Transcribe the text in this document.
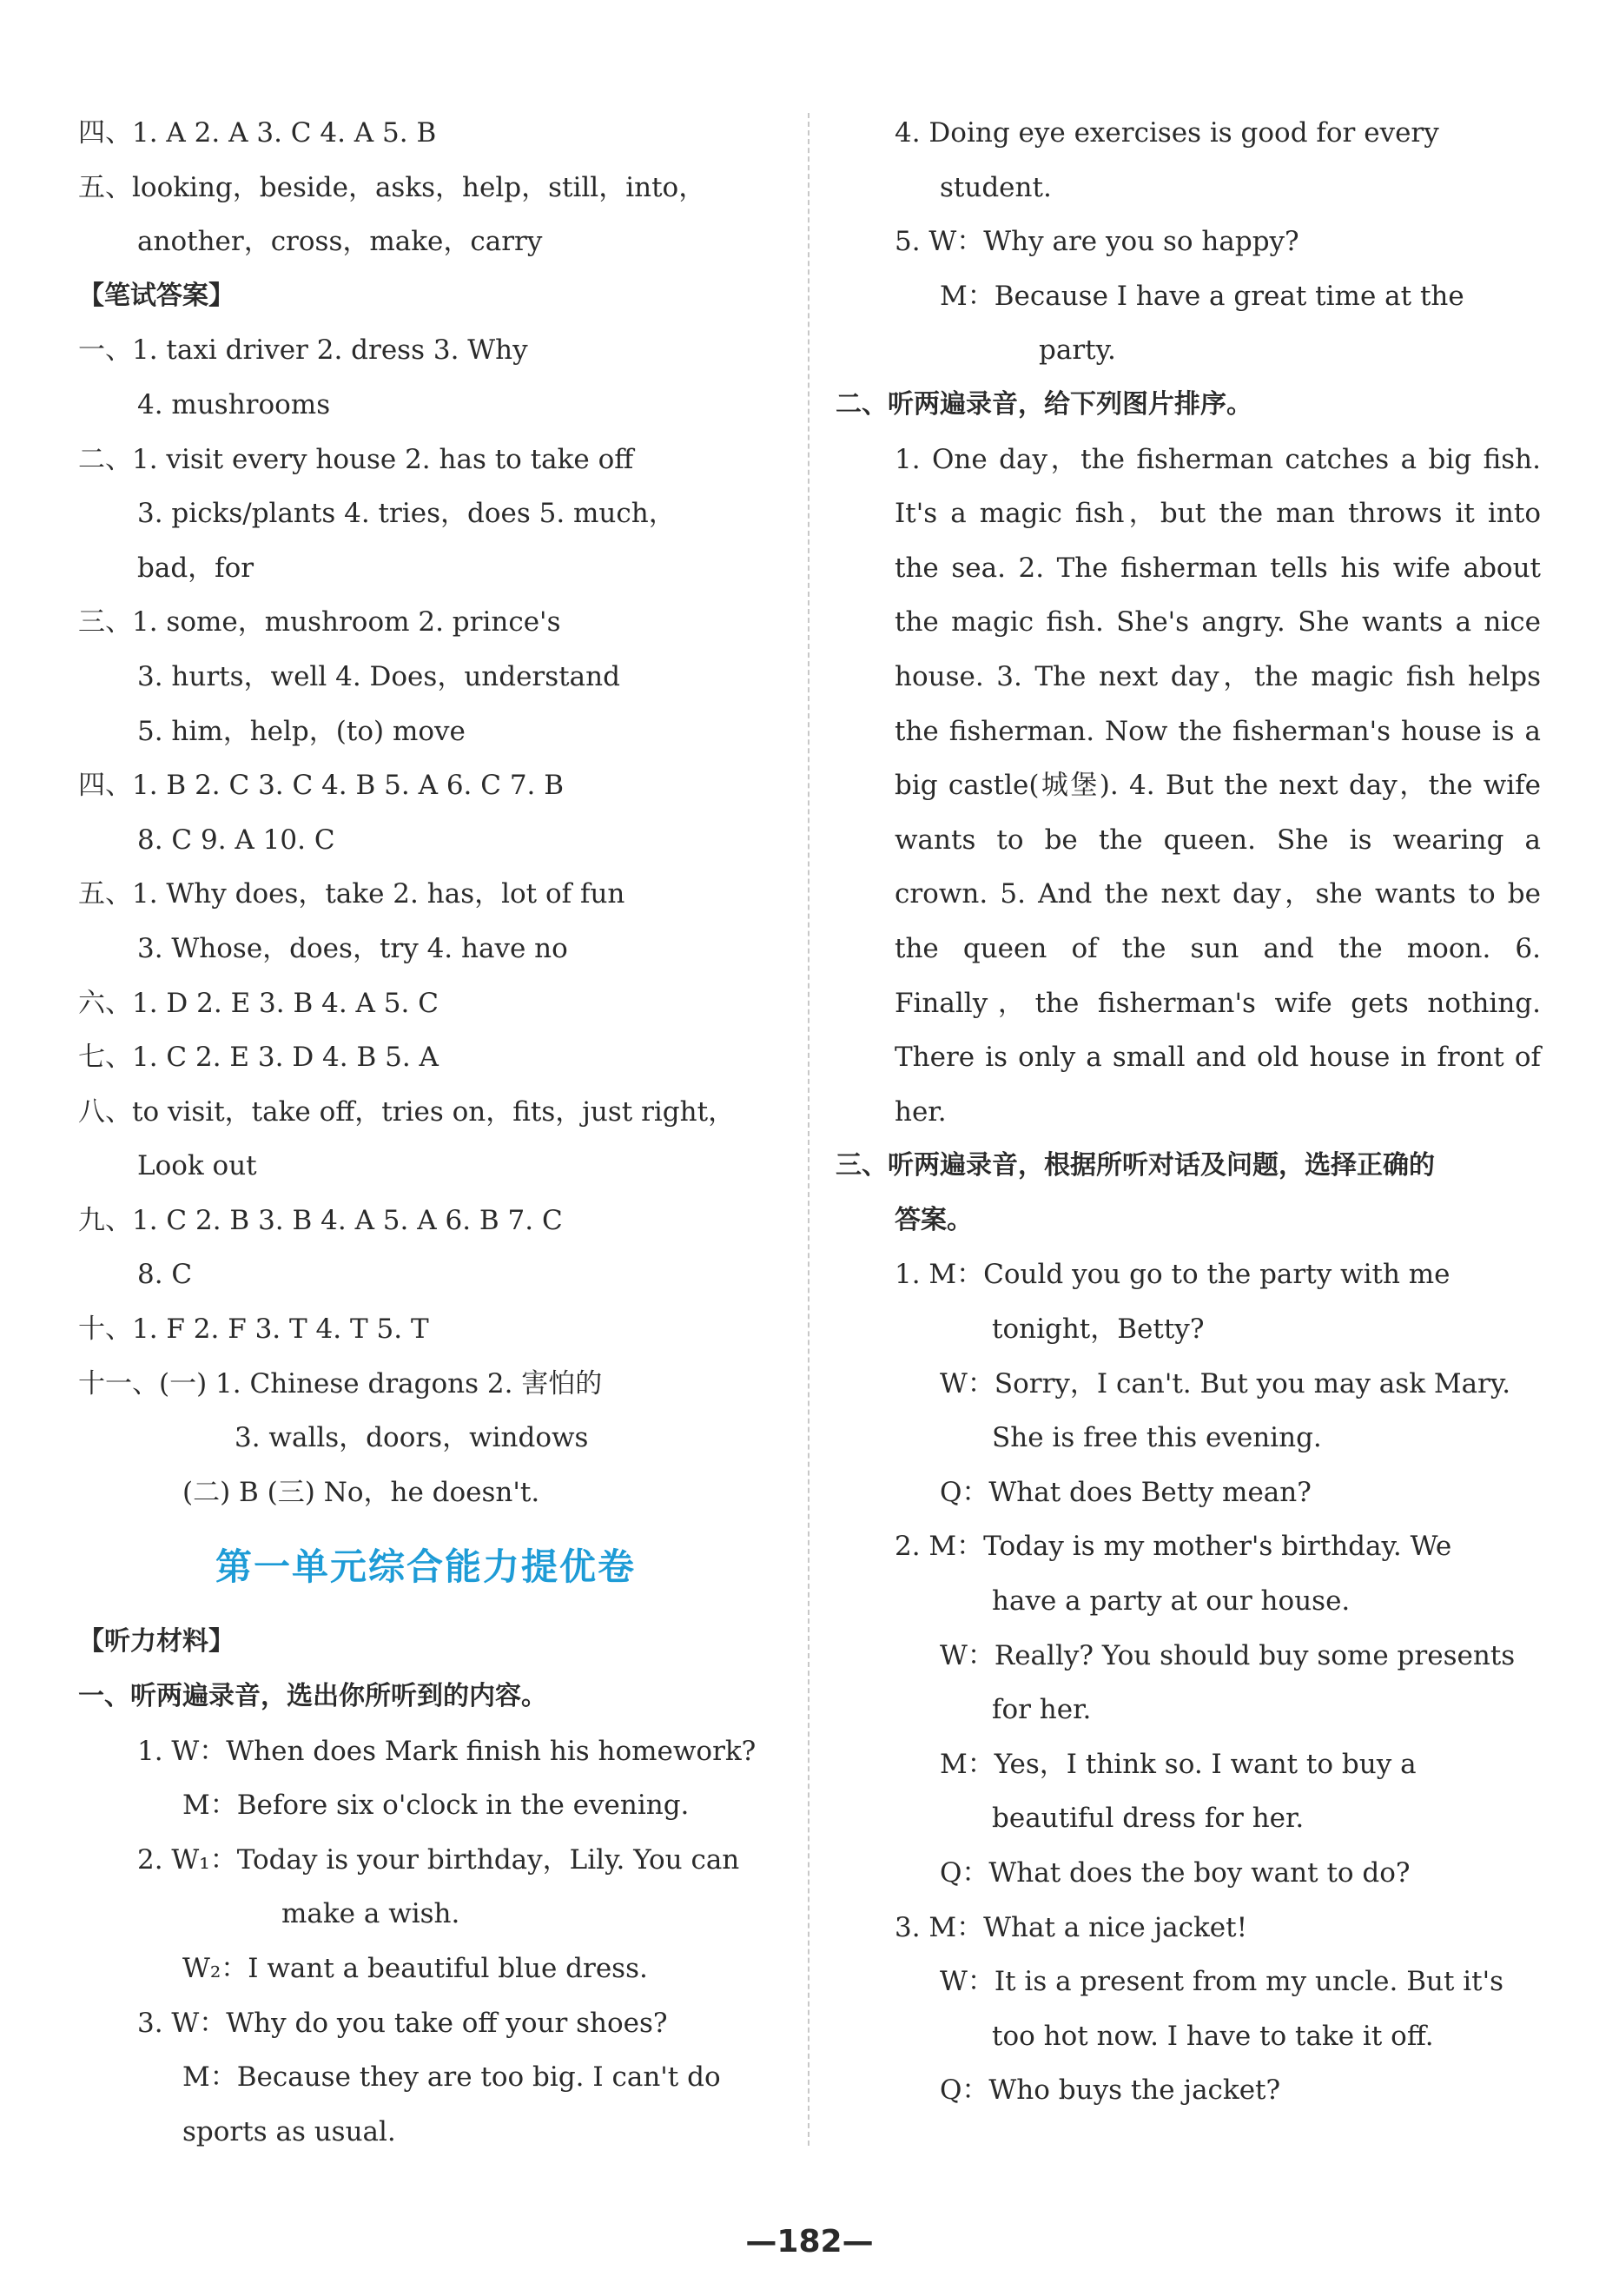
四、1. A 2. A 3. C 4. A 5. B
五、looking，beside，asks，help，still，into，
another，cross，make，carry
【笔试答案】
一、1. taxi driver 2. dress 3. Why
4. mushrooms
二、1. visit every house 2. has to take off
3. picks/plants 4. tries，does 5. much，
bad，for
三、1. some，mushroom 2. prince's
3. hurts，well 4. Does，understand
5. him，help，(to) move
四、1. B 2. C 3. C 4. B 5. A 6. C 7. B
8. C 9. A 10. C
五、1. Why does，take 2. has，lot of fun
3. Whose，does，try 4. have no
六、1. D 2. E 3. B 4. A 5. C
七、1. C 2. E 3. D 4. B 5. A
八、to visit，take off，tries on，fits，just right，
Look out
九、1. C 2. B 3. B 4. A 5. A 6. B 7. C
8. C
十、1. F 2. F 3. T 4. T 5. T
十一、(一) 1. Chinese dragons 2. 害怕的
3. walls，doors，windows
(二) B (三) No，he doesn't.
第一单元综合能力提优卷
【听力材料】
一、听两遍录音，选出你所听到的内容。
1. W：When does Mark finish his homework?
M：Before six o'clock in the evening.
2. W₁：Today is your birthday，Lily. You can
make a wish.
W₂：I want a beautiful blue dress.
3. W：Why do you take off your shoes?
M：Because they are too big. I can't do
sports as usual.
4. Doing eye exercises is good for every
student.
5. W：Why are you so happy?
M：Because I have a great time at the
party.
二、听两遍录音，给下列图片排序。
1. One day，the fisherman catches a big fish. It's a magic fish，but the man throws it into the sea. 2. The fisherman tells his wife about the magic fish. She's angry. She wants a nice house. 3. The next day，the magic fish helps the fisherman. Now the fisherman's house is a big castle(城堡). 4. But the next day，the wife wants to be the queen. She is wearing a crown. 5. And the next day，she wants to be the queen of the sun and the moon. 6. Finally，the fisherman's wife gets nothing. There is only a small and old house in front of her.
三、听两遍录音，根据所听对话及问题，选择正确的
答案。
1. M：Could you go to the party with me
tonight，Betty?
W：Sorry，I can't. But you may ask Mary.
She is free this evening.
Q：What does Betty mean?
2. M：Today is my mother's birthday. We
have a party at our house.
W：Really? You should buy some presents
for her.
M：Yes，I think so. I want to buy a
beautiful dress for her.
Q：What does the boy want to do?
3. M：What a nice jacket!
W：It is a present from my uncle. But it's
too hot now. I have to take it off.
Q：Who buys the jacket?
—182—
